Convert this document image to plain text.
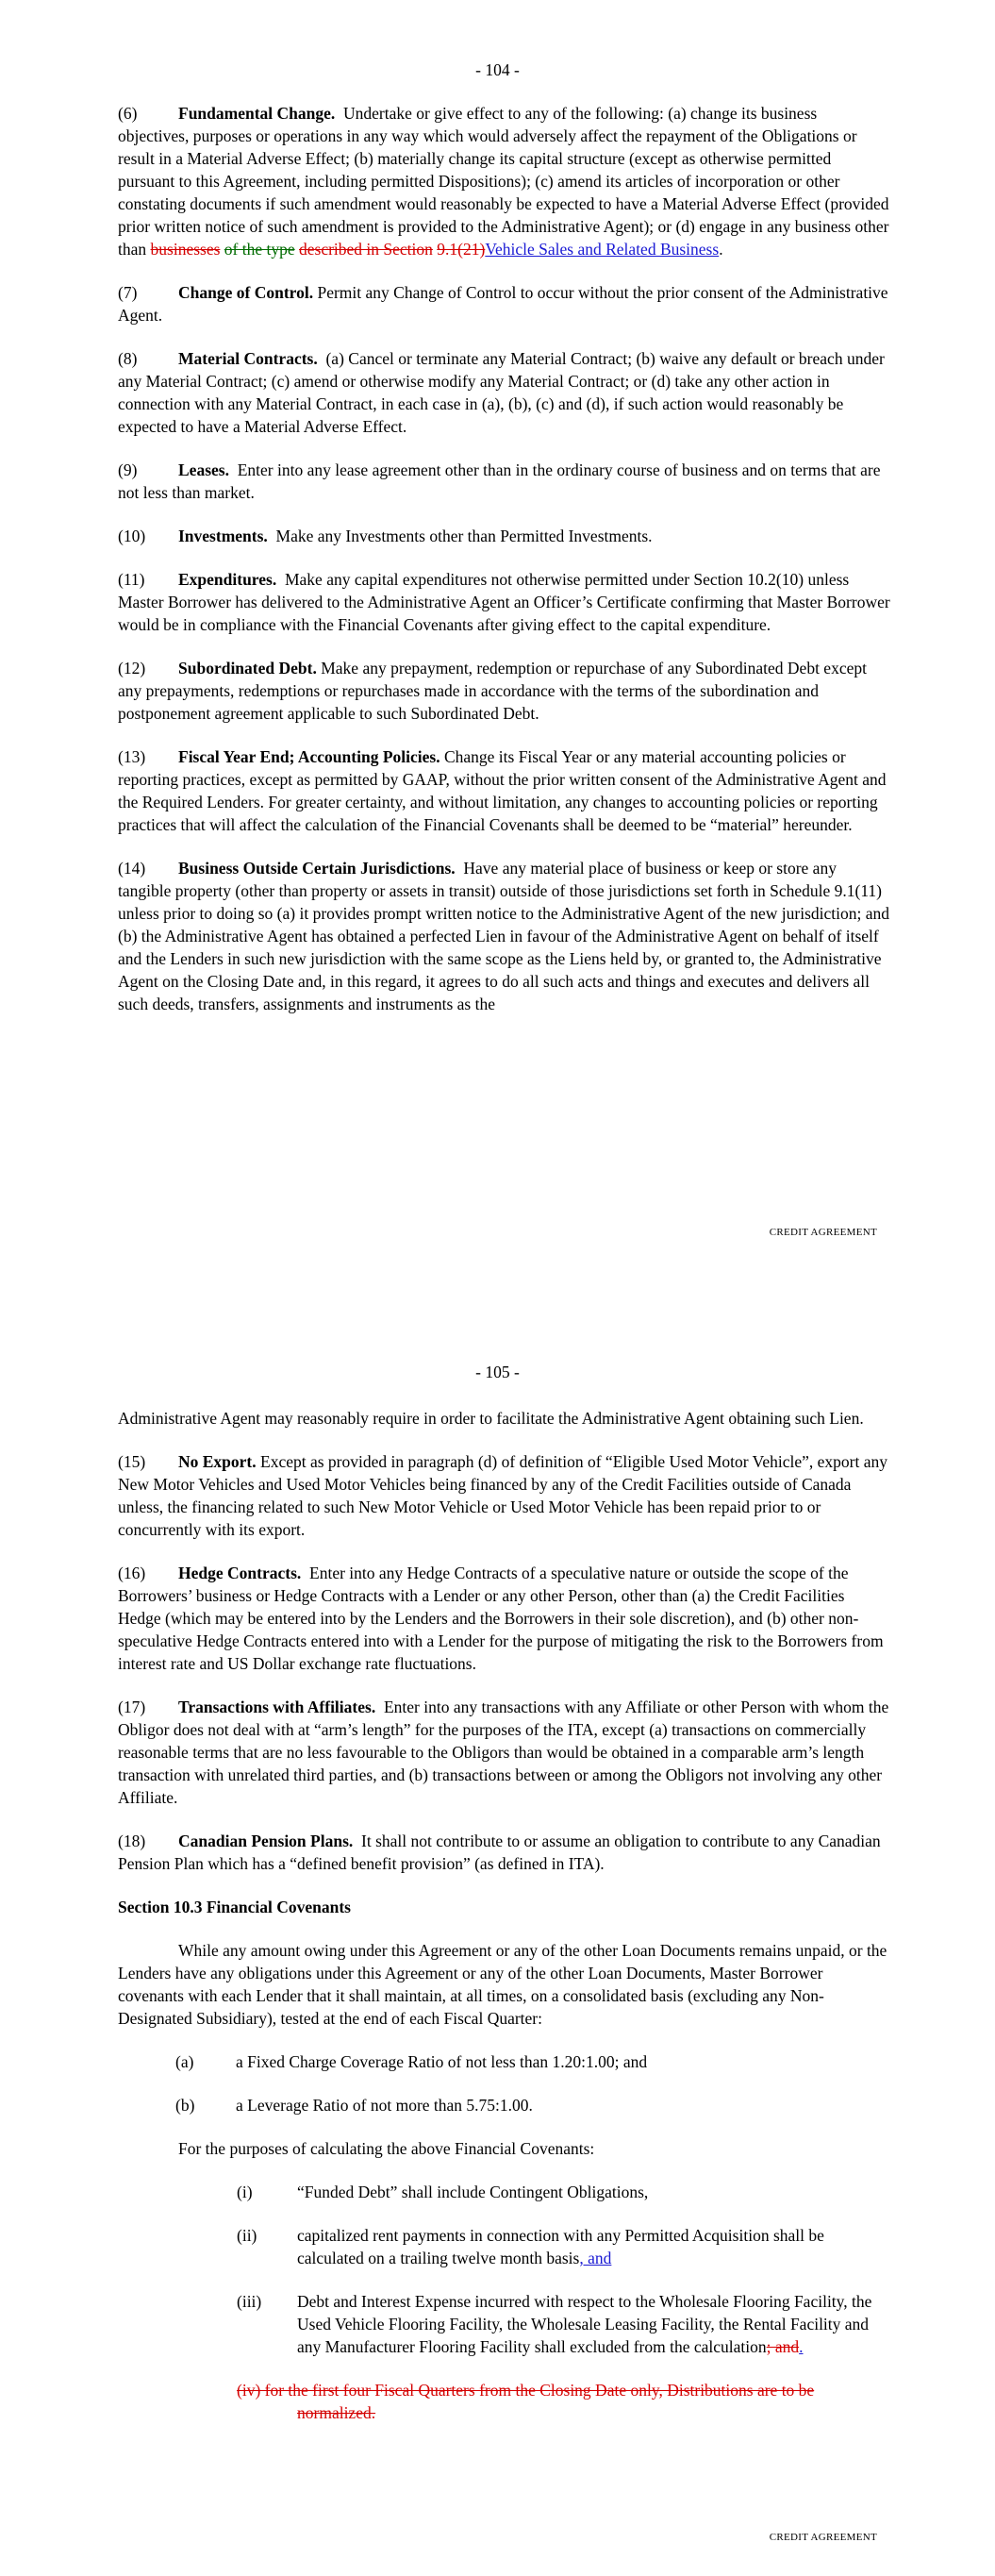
- 104 -

(6) Fundamental Change. Undertake or give effect to any of the following: (a) change its business objectives, purposes or operations in any way which would adversely affect the repayment of the Obligations or result in a Material Adverse Effect; (b) materially change its capital structure (except as otherwise permitted pursuant to this Agreement, including permitted Dispositions); (c) amend its articles of incorporation or other constating documents if such amendment would reasonably be expected to have a Material Adverse Effect (provided prior written notice of such amendment is provided to the Administrative Agent); or (d) engage in any business other than businesses of the type described in Section 9.1(21)Vehicle Sales and Related Business.

(7) Change of Control. Permit any Change of Control to occur without the prior consent of the Administrative Agent.

(8) Material Contracts. (a) Cancel or terminate any Material Contract; (b) waive any default or breach under any Material Contract; (c) amend or otherwise modify any Material Contract; or (d) take any other action in connection with any Material Contract, in each case in (a), (b), (c) and (d), if such action would reasonably be expected to have a Material Adverse Effect.

(9) Leases. Enter into any lease agreement other than in the ordinary course of business and on terms that are not less than market.

(10) Investments. Make any Investments other than Permitted Investments.

(11) Expenditures. Make any capital expenditures not otherwise permitted under Section 10.2(10) unless Master Borrower has delivered to the Administrative Agent an Officer’s Certificate confirming that Master Borrower would be in compliance with the Financial Covenants after giving effect to the capital expenditure.

(12) Subordinated Debt. Make any prepayment, redemption or repurchase of any Subordinated Debt except any prepayments, redemptions or repurchases made in accordance with the terms of the subordination and postponement agreement applicable to such Subordinated Debt.

(13) Fiscal Year End; Accounting Policies. Change its Fiscal Year or any material accounting policies or reporting practices, except as permitted by GAAP, without the prior written consent of the Administrative Agent and the Required Lenders. For greater certainty, and without limitation, any changes to accounting policies or reporting practices that will affect the calculation of the Financial Covenants shall be deemed to be “material” hereunder.

(14) Business Outside Certain Jurisdictions. Have any material place of business or keep or store any tangible property (other than property or assets in transit) outside of those jurisdictions set forth in Schedule 9.1(11) unless prior to doing so (a) it provides prompt written notice to the Administrative Agent of the new jurisdiction; and (b) the Administrative Agent has obtained a perfected Lien in favour of the Administrative Agent on behalf of itself and the Lenders in such new jurisdiction with the same scope as the Liens held by, or granted to, the Administrative Agent on the Closing Date and, in this regard, it agrees to do all such acts and things and executes and delivers all such deeds, transfers, assignments and instruments as the

CREDIT AGREEMENT
- 105 -

Administrative Agent may reasonably require in order to facilitate the Administrative Agent obtaining such Lien.

(15) No Export. Except as provided in paragraph (d) of definition of “Eligible Used Motor Vehicle”, export any New Motor Vehicles and Used Motor Vehicles being financed by any of the Credit Facilities outside of Canada unless, the financing related to such New Motor Vehicle or Used Motor Vehicle has been repaid prior to or concurrently with its export.

(16) Hedge Contracts. Enter into any Hedge Contracts of a speculative nature or outside the scope of the Borrowers’ business or Hedge Contracts with a Lender or any other Person, other than (a) the Credit Facilities Hedge (which may be entered into by the Lenders and the Borrowers in their sole discretion), and (b) other non-speculative Hedge Contracts entered into with a Lender for the purpose of mitigating the risk to the Borrowers from interest rate and US Dollar exchange rate fluctuations.

(17) Transactions with Affiliates. Enter into any transactions with any Affiliate or other Person with whom the Obligor does not deal with at “arm’s length” for the purposes of the ITA, except (a) transactions on commercially reasonable terms that are no less favourable to the Obligors than would be obtained in a comparable arm’s length transaction with unrelated third parties, and (b) transactions between or among the Obligors not involving any other Affiliate.

(18) Canadian Pension Plans. It shall not contribute to or assume an obligation to contribute to any Canadian Pension Plan which has a “defined benefit provision” (as defined in ITA).

Section 10.3 Financial Covenants

While any amount owing under this Agreement or any of the other Loan Documents remains unpaid, or the Lenders have any obligations under this Agreement or any of the other Loan Documents, Master Borrower covenants with each Lender that it shall maintain, at all times, on a consolidated basis (excluding any Non-Designated Subsidiary), tested at the end of each Fiscal Quarter:

(a)	a Fixed Charge Coverage Ratio of not less than 1.20:1.00; and

(b) a Leverage Ratio of not more than 5.75:1.00.

For the purposes of calculating the above Financial Covenants:

(i)	“Funded Debt” shall include Contingent Obligations,

(ii) capitalized rent payments in connection with any Permitted Acquisition shall be calculated on a trailing twelve month basis, and

(iii) Debt and Interest Expense incurred with respect to the Wholesale Flooring Facility, the Used Vehicle Flooring Facility, the Wholesale Leasing Facility, the Rental Facility and any Manufacturer Flooring Facility shall excluded from the calculation; and.

(iv) for the first four Fiscal Quarters from the Closing Date only, Distributions are to be normalized.

CREDIT AGREEMENT
